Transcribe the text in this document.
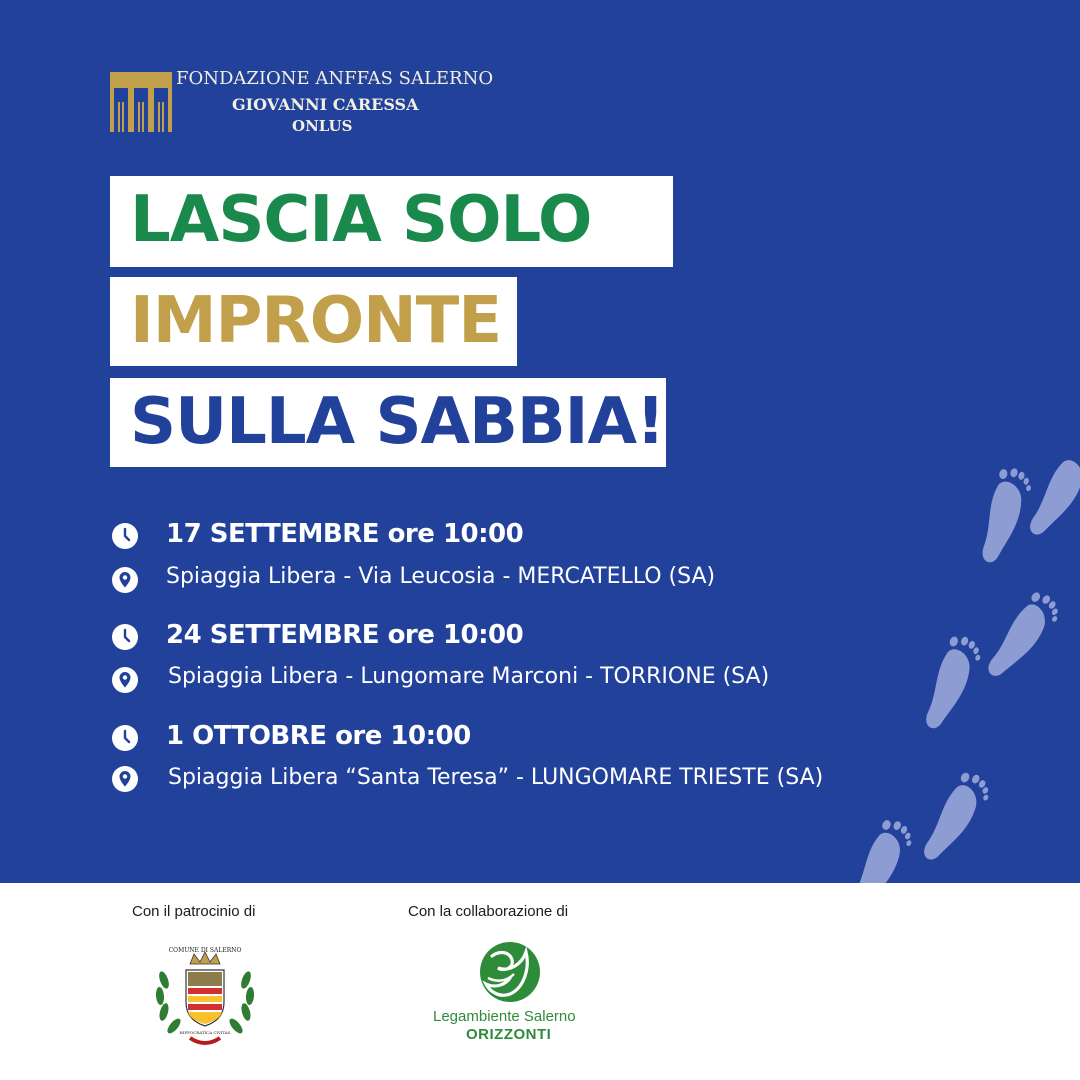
FONDAZIONE ANFFAS SALERNO
GIOVANNI CARESSA
ONLUS
LASCIA SOLO
IMPRONTE
SULLA SABBIA!
17 SETTEMBRE ore 10:00
Spiaggia Libera - Via Leucosia - MERCATELLO (SA)
24 SETTEMBRE ore 10:00
Spiaggia Libera - Lungomare Marconi - TORRIONE (SA)
1 OTTOBRE ore 10:00
Spiaggia Libera “Santa Teresa” - LUNGOMARE TRIESTE (SA)
Con il patrocinio di	Con la collaborazione di
COMUNE DI SALERNO
HIPPOCRATICA CIVITAS
Legambiente Salerno
ORIZZONTI
